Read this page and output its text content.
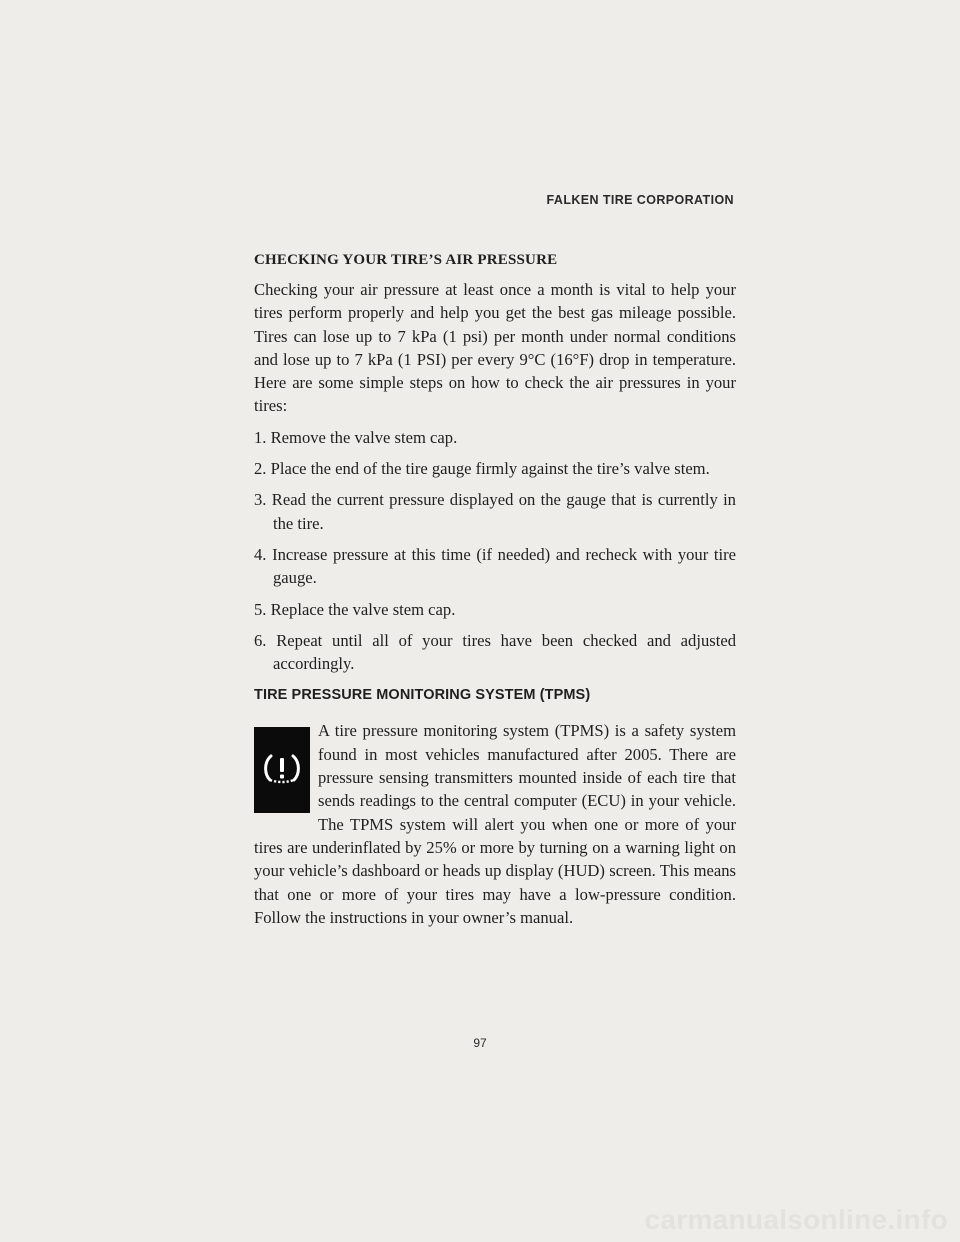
FALKEN TIRE CORPORATION
CHECKING YOUR TIRE’S AIR PRESSURE

Checking your air pressure at least once a month is vital to help your tires perform properly and help you get the best gas mileage possible. Tires can lose up to 7 kPa (1 psi) per month under normal conditions and lose up to 7 kPa (1 PSI) per every 9°C (16°F) drop in temperature. Here are some simple steps on how to check the air pressures in your tires:

1. Remove the valve stem cap.
2. Place the end of the tire gauge firmly against the tire’s valve stem.
3. Read the current pressure displayed on the gauge that is currently in the tire.
4. Increase pressure at this time (if needed) and recheck with your tire gauge.
5. Replace the valve stem cap.
6. Repeat until all of your tires have been checked and adjusted accordingly.
TIRE PRESSURE MONITORING SYSTEM (TPMS)

A tire pressure monitoring system (TPMS) is a safety system found in most vehicles manufactured after 2005. There are pressure sensing transmitters mounted inside of each tire that sends readings to the central computer (ECU) in your vehicle. The TPMS system will alert you when one or more of your tires are underinflated by 25% or more by turning on a warning light on your vehicle’s dashboard or heads up display (HUD) screen. This means that one or more of your tires may have a low-pressure condition. Follow the instructions in your owner’s manual.

97
carmanualsonline.info
